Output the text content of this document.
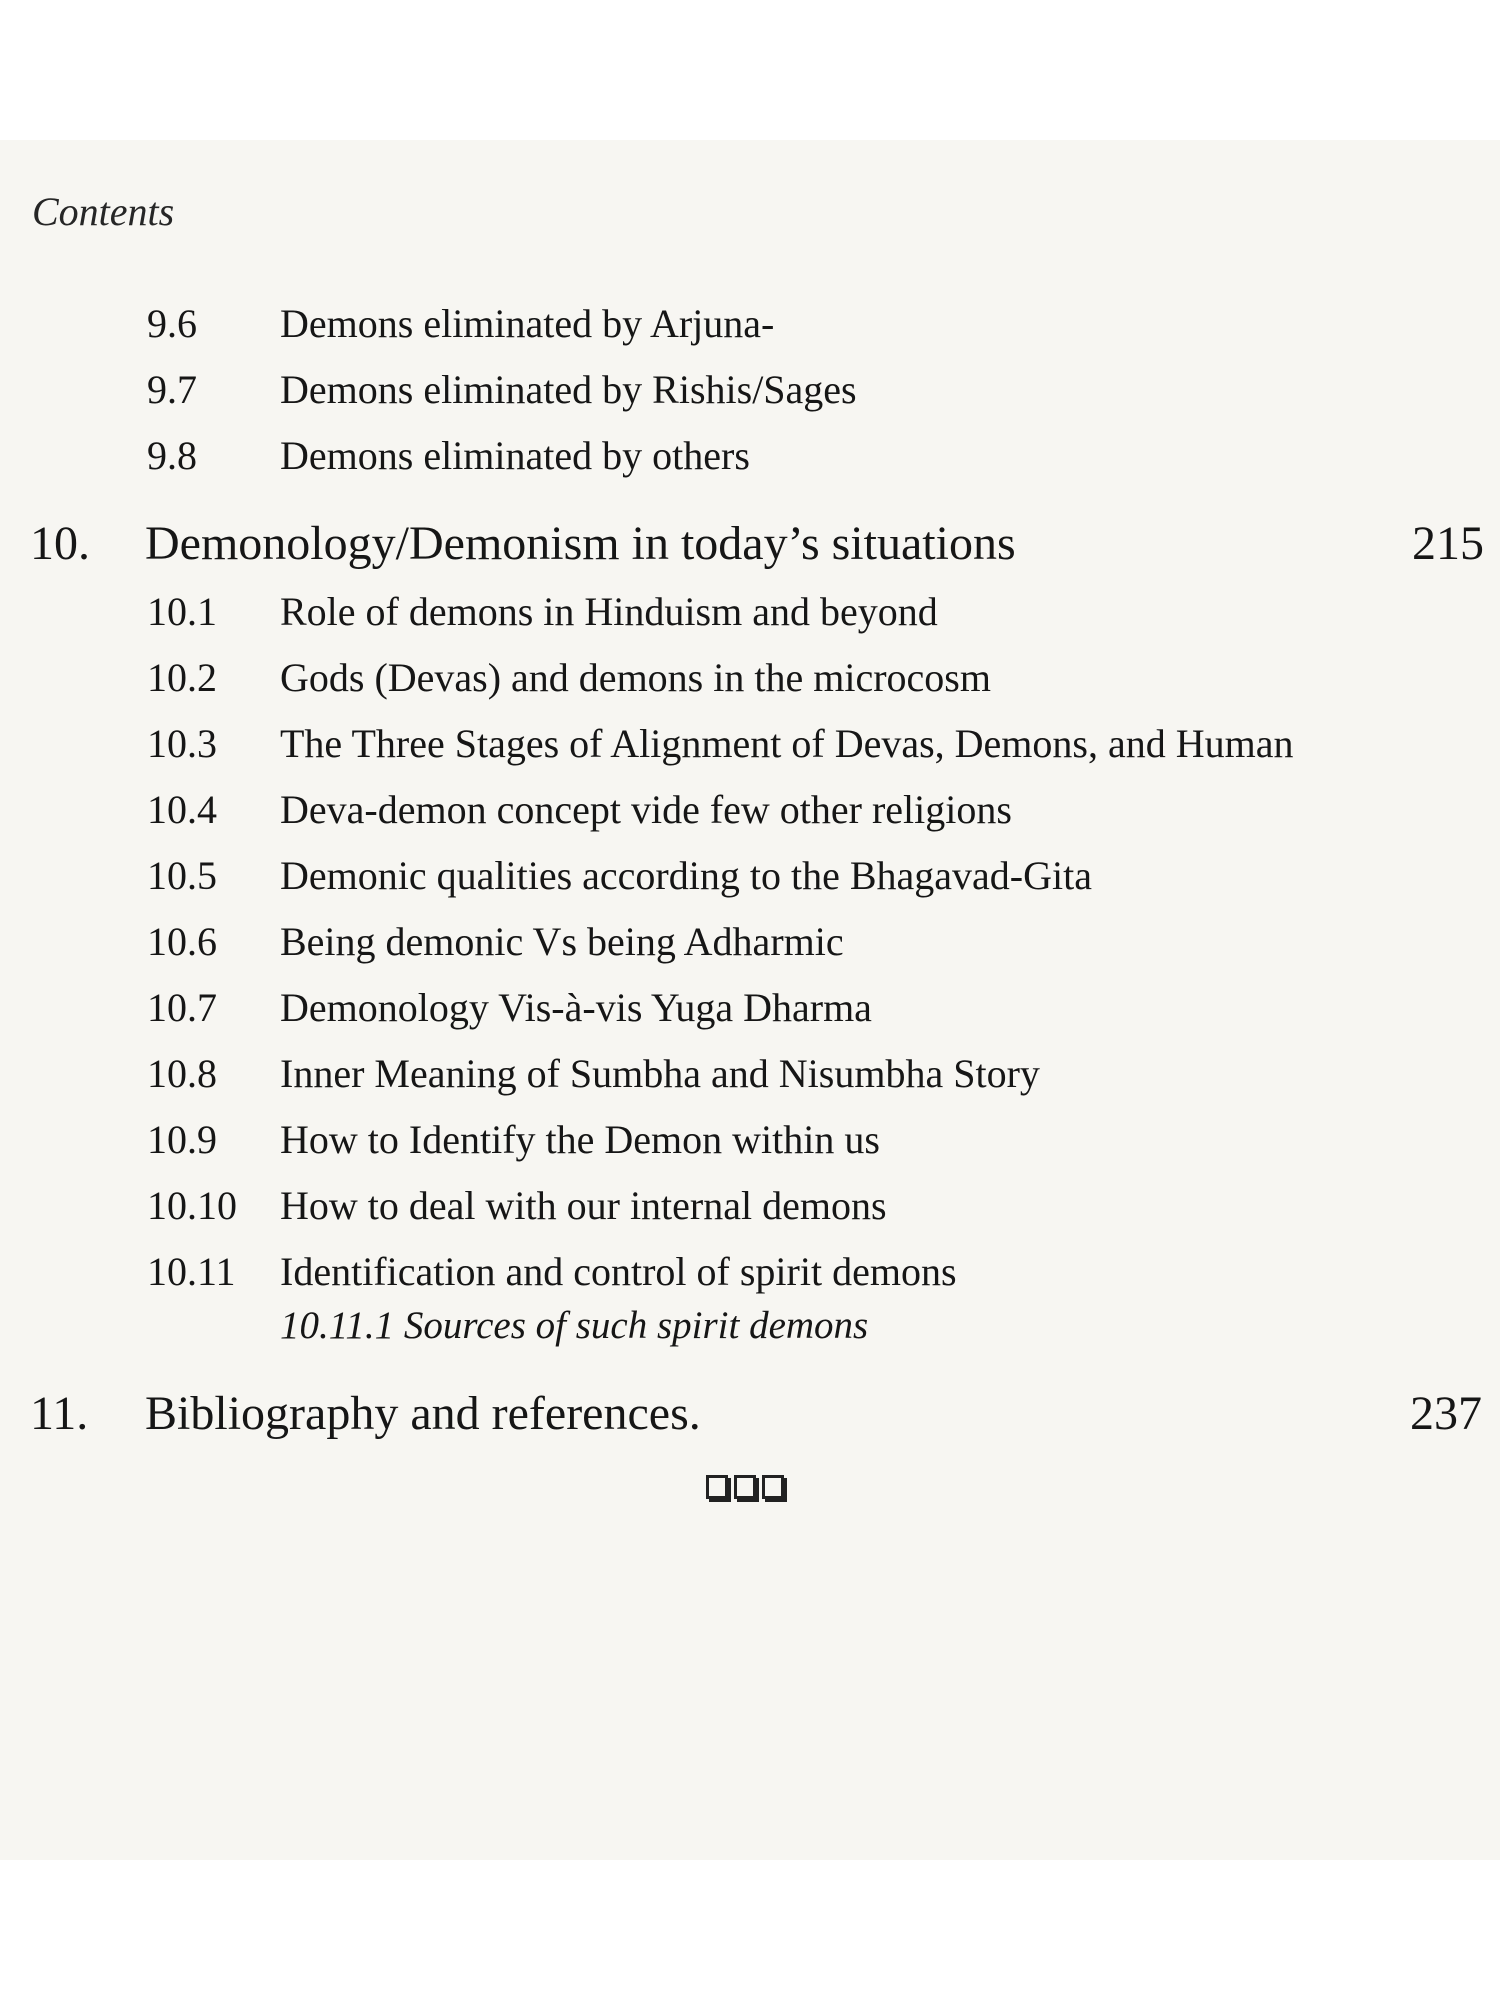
Contents
9.6 Demons eliminated by Arjuna-
9.7 Demons eliminated by Rishis/Sages
9.8 Demons eliminated by others
10. Demonology/Demonism in today’s situations	215
10.1 Role of demons in Hinduism and beyond
10.2 Gods (Devas) and demons in the microcosm
10.3 The Three Stages of Alignment of Devas, Demons, and Human
10.4 Deva-demon concept vide few other religions
10.5 Demonic qualities according to the Bhagavad-Gita
10.6 Being demonic Vs being Adharmic
10.7 Demonology Vis-à-vis Yuga Dharma
10.8 Inner Meaning of Sumbha and Nisumbha Story
10.9 How to Identify the Demon within us
10.10 How to deal with our internal demons
10.11 Identification and control of spirit demons
10.11.1 Sources of such spirit demons
11. Bibliography and references.	237
